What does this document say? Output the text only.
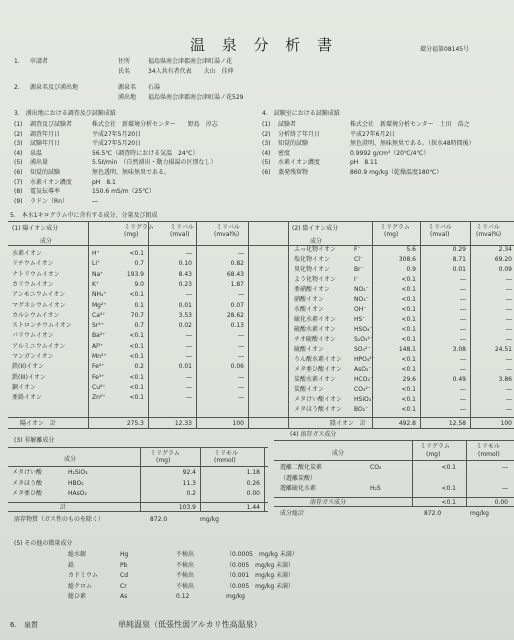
温 泉 分 析 書	環分福第08145号
1. 申請者	住所	福島県南会津郡南会津町湯ノ花
氏名	34人共有者代表　　大山　佳伸
2. 源泉名及び湧出地	源泉名 石湯
湧出地 福島県南会津郡南会津町湯ノ花529
3.　湧出地における調査及び試験成績	4.　試験室における試験成績
5.　本水1キログラム中に含有する成分、分量及び組成
(3) 非解離成分
(4) 溶存ガス成分
(5) その他の微量成分
6. 泉質	単純温泉（低張性弱アルカリ性高温泉）
(1) 調査及び試験者	株式会社　新環境分析センター　　野島　淳志
(2) 調査年月日	平成27年5月20日
(3) 試験年月日	平成27年5月20日
(4) 泉温	56.5℃（調査時における気温　24℃）
(5) 湧出量	5.5ℓ/min　（自然湧出・動力揚湯の区別なし）
(6) 知覚的試験	無色透明、無味無臭である。
(7) 水素イオン濃度	pH　8.1
(8) 電気伝導率	150.6 mS/m（25℃）
(9) ラドン（Rn）	―
(1) 試験者	株式会社　新環境分析センター　土田　浩之
(2) 分析終了年月日	平成27年6月2日
(3) 知覚的試験	無色澄明、無味無臭である。（採水48時間後）
(4) 密度	0.9992 g/cm³（20℃/4℃）
(5) 水素イオン濃度	pH　8.11
(6) 蒸発残留物	860.9 mg/kg（乾燥温度180℃）
(1) 陽イオン成分	ミリグラム
(mg)
ミリバル
(mval)
ミリバル
(mval%)
(2) 陰イオン成分	ミリグラム
(mg)
ミリバル
(mval)
ミリバル
(mval%)
成分	成分
水素イオン	H⁺	<0.1	―	―
リチウムイオン	Li⁺	0.7	0.10	0.82
ナトリウムイオン	Na⁺	193.9	8.43	68.43
カリウムイオン	K⁺	9.0	0.23	1.87
アンモニウムイオン	NH₄⁺	<0.1	―	―
マグネシウムイオン	Mg²⁺	0.1	0.01	0.07
カルシウムイオン	Ca²⁺	70.7	3.53	28.62
ストロンチウムイオン	Sr²⁺	0.7	0.02	0.13
バリウムイオン	Ba²⁺	<0.1	―	―
アルミニウムイオン	Al³⁺	<0.1	―	―
マンガンイオン	Mn²⁺	<0.1	―	―
鉄(II)イオン	Fe²⁺	0.2	0.01	0.06
鉄(III)イオン	Fe³⁺	<0.1	―	―
銅イオン	Cu²⁺	<0.1	―	―
亜鉛イオン	Zn²⁺	<0.1	―	―
陽イオン　計	275.3	12.33	100
ふっ化物イオン	F⁻	5.6	0.29	2.34
塩化物イオン	Cl⁻	308.6	8.71	69.20
臭化物イオン	Br⁻	0.9	0.01	0.09
よう化物イオン	I⁻	<0.1	―	―
亜硝酸イオン	NO₂⁻	<0.1	―	―
硝酸イオン	NO₃⁻	<0.1	―	―
水酸イオン	OH⁻	<0.1	―	―
硫化水素イオン	HS⁻	<0.1	―	―
硫酸水素イオン	HSO₄⁻	<0.1	―	―
チオ硫酸イオン	S₂O₃²⁻	<0.1	―	―
硫酸イオン	SO₄²⁻	148.1	3.08	24.51
りん酸水素イオン HPO₄²⁻	<0.1	―	―
メタ亜ひ酸イオン AsO₂⁻	<0.1	―	―
炭酸水素イオン	HCO₃⁻	29.6	0.49	3.86
炭酸イオン	CO₃²⁻	<0.1	―	―
メタけい酸イオン HSiO₃⁻	<0.1	―	―
メタほう酸イオン BO₂⁻	<0.1	―	―
陰イオン　計	492.8	12.58	100
成分
ミリグラム
(mg)
ミリモル
(mmol)
メタけい酸	H₂SiO₃	92.4	1.18
メタほう酸	HBO₂	11.3	0.26
メタ亜ひ酸	HAsO₂	0.2	0.00
計	103.9	1.44
溶存物質（ガス性のものを除く）	872.0	mg/kg
成分
ミリグラム
(mg)
ミリモル
(mmol)
遊離二酸化炭素	CO₂	<0.1	―
（遊離炭酸）
遊離硫化水素	H₂S	<0.1	―
溶存ガス成分	<0.1	0.00
成分総計	872.0	mg/kg
総水銀	Hg	不検出	（0.0005　mg/kg 未満）
鉛	Pb	不検出	（0.005　mg/kg 未満）
カドミウム	Cd	不検出	（0.001　mg/kg 未満）
総クロム	Cr	不検出	（0.005　mg/kg 未満）
総ひ素	As	0.12	mg/kg
